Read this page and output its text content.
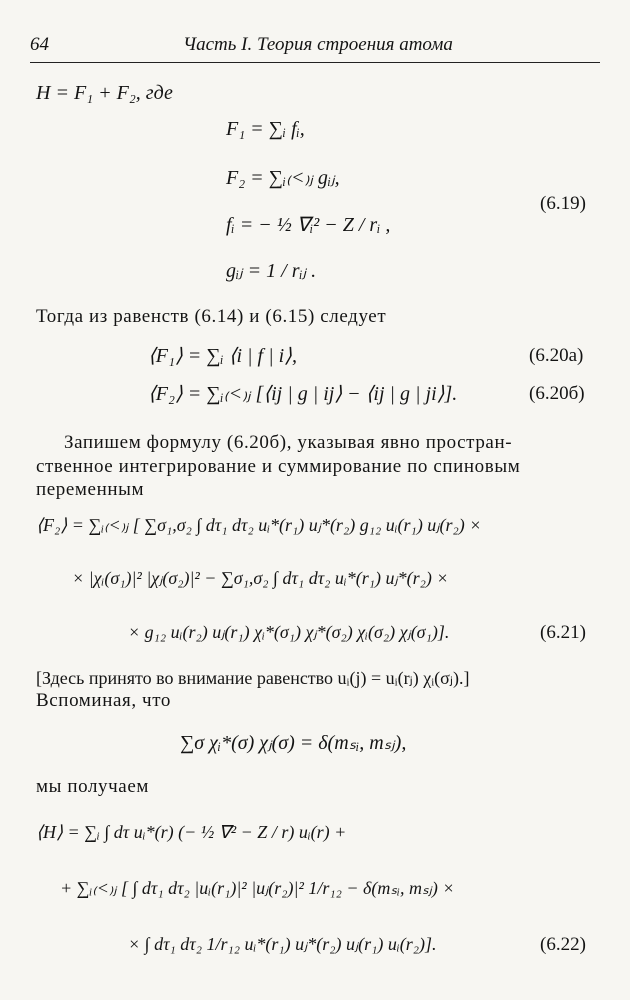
64	Часть I. Теория строения атома
H = F₁ + F₂, где
F₁ = ∑ᵢ fᵢ,
F₂ = ∑ᵢ₍<₎ⱼ gᵢⱼ,
fᵢ = − ½ ∇ᵢ² − Z / rᵢ ,
gᵢⱼ = 1 / rᵢⱼ .
(6.19)
Тогда из равенств (6.14) и (6.15) следует
⟨F₁⟩ = ∑ᵢ ⟨i | f | i⟩,	(6.20а)
⟨F₂⟩ = ∑ᵢ₍<₎ⱼ [⟨ij | g | ij⟩ − ⟨ij | g | ji⟩].	(6.20б)
Запишем формулу (6.20б), указывая явно простран-
ственное интегрирование и суммирование по спиновым
переменным
⟨F₂⟩ = ∑ᵢ₍<₎ⱼ [ ∑σ₁,σ₂ ∫ dτ₁ dτ₂ uᵢ*(r₁) uⱼ*(r₂) g₁₂ uᵢ(r₁) uⱼ(r₂) ×
× |χᵢ(σ₁)|² |χⱼ(σ₂)|² − ∑σ₁,σ₂ ∫ dτ₁ dτ₂ uᵢ*(r₁) uⱼ*(r₂) ×
× g₁₂ uᵢ(r₂) uⱼ(r₁) χᵢ*(σ₁) χⱼ*(σ₂) χᵢ(σ₂) χⱼ(σ₁)].	(6.21)
[Здесь принято во внимание равенство uᵢ(j) = uᵢ(rⱼ) χᵢ(σⱼ).]
Вспоминая, что
∑σ χᵢ*(σ) χⱼ(σ) = δ(mₛᵢ, mₛⱼ),
мы получаем
⟨H⟩ = ∑ᵢ ∫ dτ uᵢ*(r) (− ½ ∇² − Z / r) uᵢ(r) +
+ ∑ᵢ₍<₎ⱼ [ ∫ dτ₁ dτ₂ |uᵢ(r₁)|² |uⱼ(r₂)|² 1/r₁₂ − δ(mₛᵢ, mₛⱼ) ×
× ∫ dτ₁ dτ₂ 1/r₁₂ uᵢ*(r₁) uⱼ*(r₂) uⱼ(r₁) uᵢ(r₂)].	(6.22)
